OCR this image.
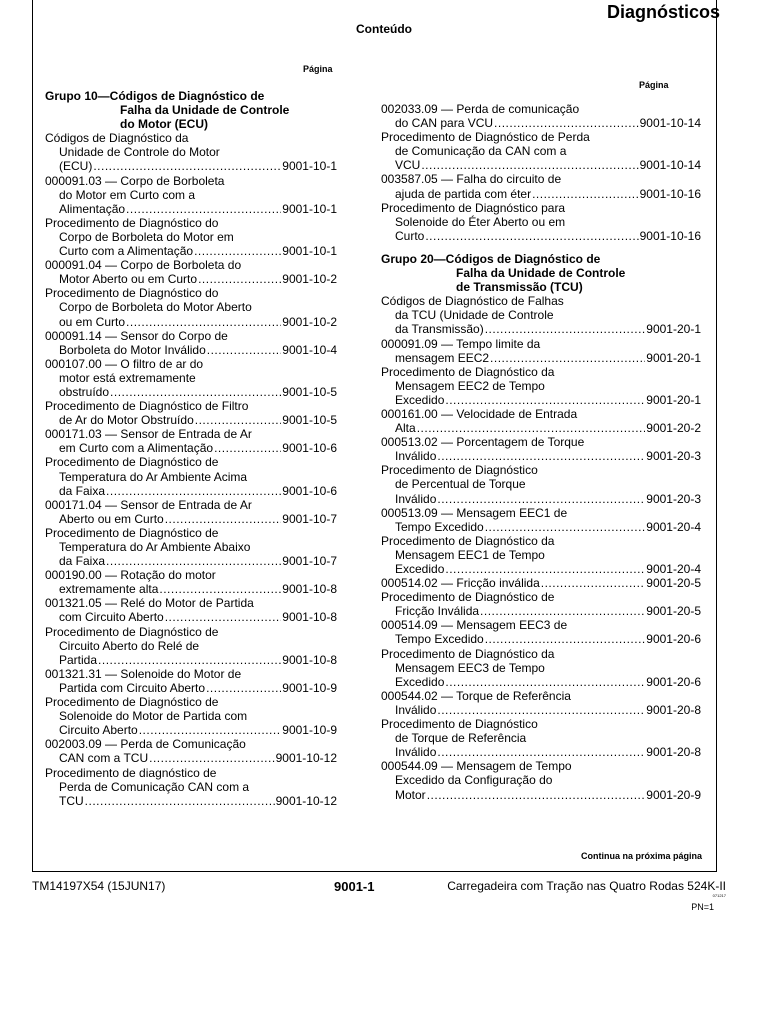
Diagnósticos
Conteúdo
Página
Página
Grupo 10—Códigos de Diagnóstico de
Falha da Unidade de Controle
do Motor (ECU)
Códigos de Diagnóstico da
Unidade de Controle do Motor
(ECU) .....	9001-10-1
000091.03 — Corpo de Borboleta
do Motor em Curto com a
Alimentação .....	9001-10-1
Procedimento de Diagnóstico do
Corpo de Borboleta do Motor em
Curto com a Alimentação .....	9001-10-1
000091.04 — Corpo de Borboleta do
Motor Aberto ou em Curto .....	9001-10-2
Procedimento de Diagnóstico do
Corpo de Borboleta do Motor Aberto
ou em Curto .....	9001-10-2
000091.14 — Sensor do Corpo de
Borboleta do Motor Inválido .....	9001-10-4
000107.00 — O filtro de ar do
motor está extremamente
obstruído .....	9001-10-5
Procedimento de Diagnóstico de Filtro
de Ar do Motor Obstruído .....	9001-10-5
000171.03 — Sensor de Entrada de Ar
em Curto com a Alimentação .....	9001-10-6
Procedimento de Diagnóstico de
Temperatura do Ar Ambiente Acima
da Faixa .....	9001-10-6
000171.04 — Sensor de Entrada de Ar
Aberto ou em Curto .....	9001-10-7
Procedimento de Diagnóstico de
Temperatura do Ar Ambiente Abaixo
da Faixa .....	9001-10-7
000190.00 — Rotação do motor
extremamente alta .....	9001-10-8
001321.05 — Relé do Motor de Partida
com Circuito Aberto .....	9001-10-8
Procedimento de Diagnóstico de
Circuito Aberto do Relé de
Partida .....	9001-10-8
001321.31 — Solenoide do Motor de
Partida com Circuito Aberto .....	9001-10-9
Procedimento de Diagnóstico de
Solenoide do Motor de Partida com
Circuito Aberto .....	9001-10-9
002003.09 — Perda de Comunicação
CAN com a TCU .....	9001-10-12
Procedimento de diagnóstico de
Perda de Comunicação CAN com a
TCU .....	9001-10-12
002033.09 — Perda de comunicação
do CAN para VCU .....	9001-10-14
Procedimento de Diagnóstico de Perda
de Comunicação da CAN com a
VCU .....	9001-10-14
003587.05 — Falha do circuito de
ajuda de partida com éter .....	9001-10-16
Procedimento de Diagnóstico para
Solenoide do Éter Aberto ou em
Curto .....	9001-10-16
Grupo 20—Códigos de Diagnóstico de
Falha da Unidade de Controle
de Transmissão (TCU)
Códigos de Diagnóstico de Falhas
da TCU (Unidade de Controle
da Transmissão) .....	9001-20-1
000091.09 — Tempo limite da
mensagem EEC2 .....	9001-20-1
Procedimento de Diagnóstico da
Mensagem EEC2 de Tempo
Excedido .....	9001-20-1
000161.00 — Velocidade de Entrada
Alta .....	9001-20-2
000513.02 — Porcentagem de Torque
Inválido .....	9001-20-3
Procedimento de Diagnóstico
de Percentual de Torque
Inválido .....	9001-20-3
000513.09 — Mensagem EEC1 de
Tempo Excedido .....	9001-20-4
Procedimento de Diagnóstico da
Mensagem EEC1 de Tempo
Excedido .....	9001-20-4
000514.02 — Fricção inválida .....	9001-20-5
Procedimento de Diagnóstico de
Fricção Inválida .....	9001-20-5
000514.09 — Mensagem EEC3 de
Tempo Excedido .....	9001-20-6
Procedimento de Diagnóstico da
Mensagem EEC3 de Tempo
Excedido .....	9001-20-6
000544.02 — Torque de Referência
Inválido .....	9001-20-8
Procedimento de Diagnóstico
de Torque de Referência
Inválido .....	9001-20-8
000544.09 — Mensagem de Tempo
Excedido da Configuração do
Motor .....	9001-20-9
Continua na próxima página
TM14197X54 (15JUN17)	9001-1	Carregadeira com Tração nas Quatro Rodas 524K-II
071217
PN=1
